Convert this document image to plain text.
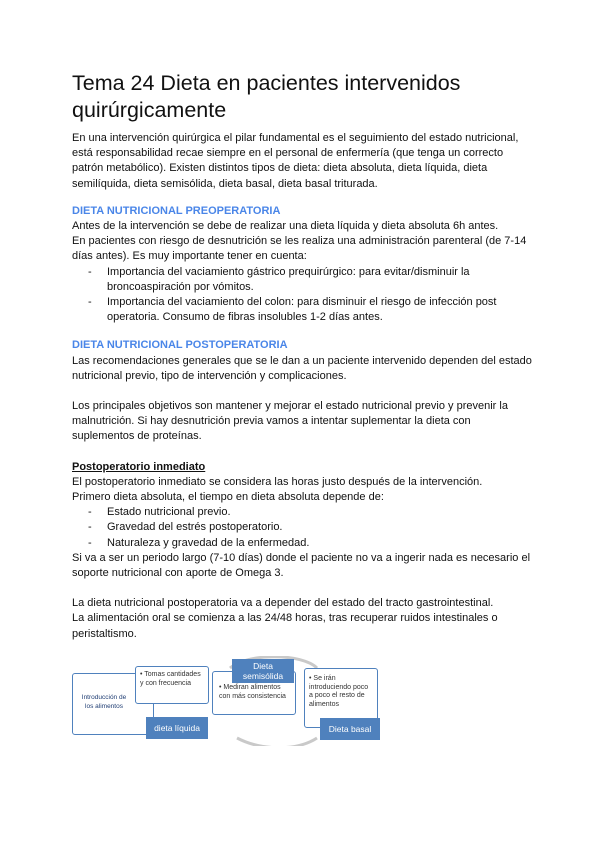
Tema 24 Dieta en pacientes intervenidos quirúrgicamente

En una intervención quirúrgica el pilar fundamental es el seguimiento del estado nutricional, está responsabilidad recae siempre en el personal de enfermería (que tenga un correcto patrón metabólico). Existen distintos tipos de dieta: dieta absoluta, dieta líquida, dieta semilíquida, dieta semisólida, dieta basal, dieta basal triturada.

DIETA NUTRICIONAL PREOPERATORIA

Antes de la intervención se debe de realizar una dieta líquida y dieta absoluta 6h antes.

En pacientes con riesgo de desnutrición se les realiza una administración parenteral (de 7-14 días antes). Es muy importante tener en cuenta:

- Importancia del vaciamiento gástrico prequirúrgico: para evitar/disminuir la broncoaspiración por vómitos.
- Importancia del vaciamiento del colon: para disminuir el riesgo de infección post operatoria. Consumo de fibras insolubles 1-2 días antes.
DIETA NUTRICIONAL POSTOPERATORIA

Las recomendaciones generales que se le dan a un paciente intervenido dependen del estado nutricional previo, tipo de intervención y complicaciones.

Los principales objetivos son mantener y mejorar el estado nutricional previo y prevenir la malnutrición. Si hay desnutrición previa vamos a intentar suplementar la dieta con suplementos de proteínas.

Postoperatorio inmediato

El postoperatorio inmediato se considera las horas justo después de la intervención.

Primero dieta absoluta, el tiempo en dieta absoluta depende de:

- Estado nutricional previo.
- Gravedad del estrés postoperatorio.
- Naturaleza y gravedad de la enfermedad.

Si va a ser un periodo largo (7-10 días) donde el paciente no va a ingerir nada es necesario el soporte nutricional con aporte de Omega 3.

La dieta nutricional postoperatoria va a depender del estado del tracto gastrointestinal.

La alimentación oral se comienza a las 24/48 horas, tras recuperar ruidos intestinales o peristaltismo.

Introducción de los alimentos
• Tomas cantidades y con frecuencia
dieta líquida
• Mediran alimentos con más consistencia
Dieta semisólida	• Se irán introduciendo poco a poco el resto de alimentos
Dieta basal
